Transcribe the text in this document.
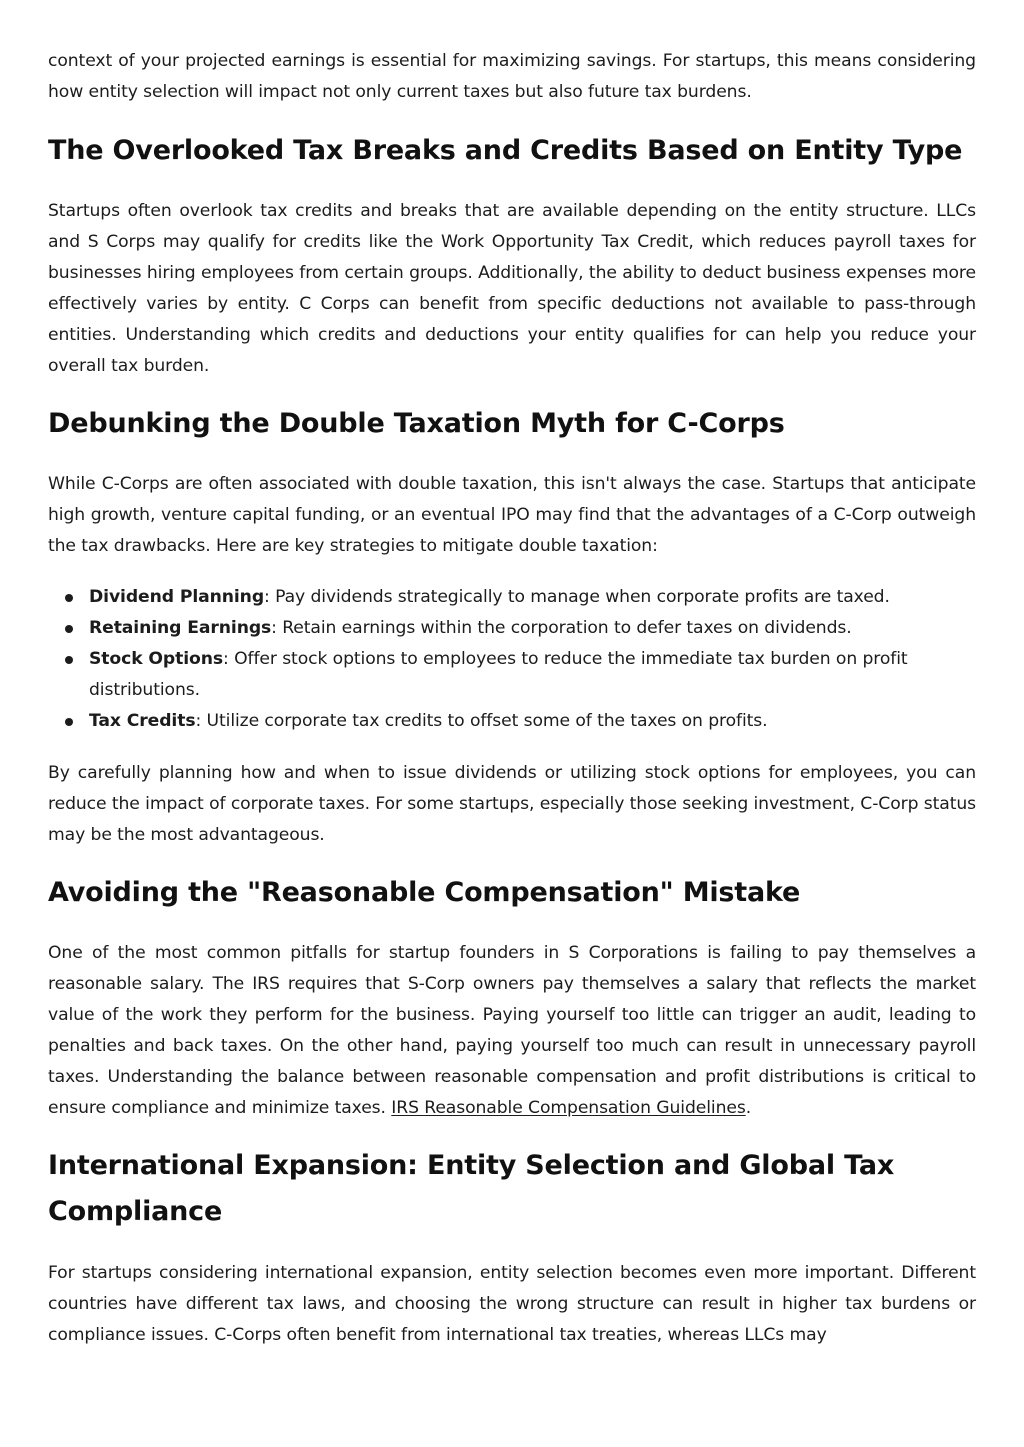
context of your projected earnings is essential for maximizing savings. For startups, this means considering how entity selection will impact not only current taxes but also future tax burdens.

The Overlooked Tax Breaks and Credits Based on Entity Type

Startups often overlook tax credits and breaks that are available depending on the entity structure. LLCs and S Corps may qualify for credits like the Work Opportunity Tax Credit, which reduces payroll taxes for businesses hiring employees from certain groups. Additionally, the ability to deduct business expenses more effectively varies by entity. C Corps can benefit from specific deductions not available to pass-through entities. Understanding which credits and deductions your entity qualifies for can help you reduce your overall tax burden.

Debunking the Double Taxation Myth for C-Corps

While C-Corps are often associated with double taxation, this isn't always the case. Startups that anticipate high growth, venture capital funding, or an eventual IPO may find that the advantages of a C-Corp outweigh the tax drawbacks. Here are key strategies to mitigate double taxation:

Dividend Planning: Pay dividends strategically to manage when corporate profits are taxed.
Retaining Earnings: Retain earnings within the corporation to defer taxes on dividends.
Stock Options: Offer stock options to employees to reduce the immediate tax burden on profit distributions.
Tax Credits: Utilize corporate tax credits to offset some of the taxes on profits.

By carefully planning how and when to issue dividends or utilizing stock options for employees, you can reduce the impact of corporate taxes. For some startups, especially those seeking investment, C-Corp status may be the most advantageous.

Avoiding the "Reasonable Compensation" Mistake

One of the most common pitfalls for startup founders in S Corporations is failing to pay themselves a reasonable salary. The IRS requires that S-Corp owners pay themselves a salary that reflects the market value of the work they perform for the business. Paying yourself too little can trigger an audit, leading to penalties and back taxes. On the other hand, paying yourself too much can result in unnecessary payroll taxes. Understanding the balance between reasonable compensation and profit distributions is critical to ensure compliance and minimize taxes. IRS Reasonable Compensation Guidelines.

International Expansion: Entity Selection and Global Tax Compliance

For startups considering international expansion, entity selection becomes even more important. Different countries have different tax laws, and choosing the wrong structure can result in higher tax burdens or compliance issues. C-Corps often benefit from international tax treaties, whereas LLCs may
